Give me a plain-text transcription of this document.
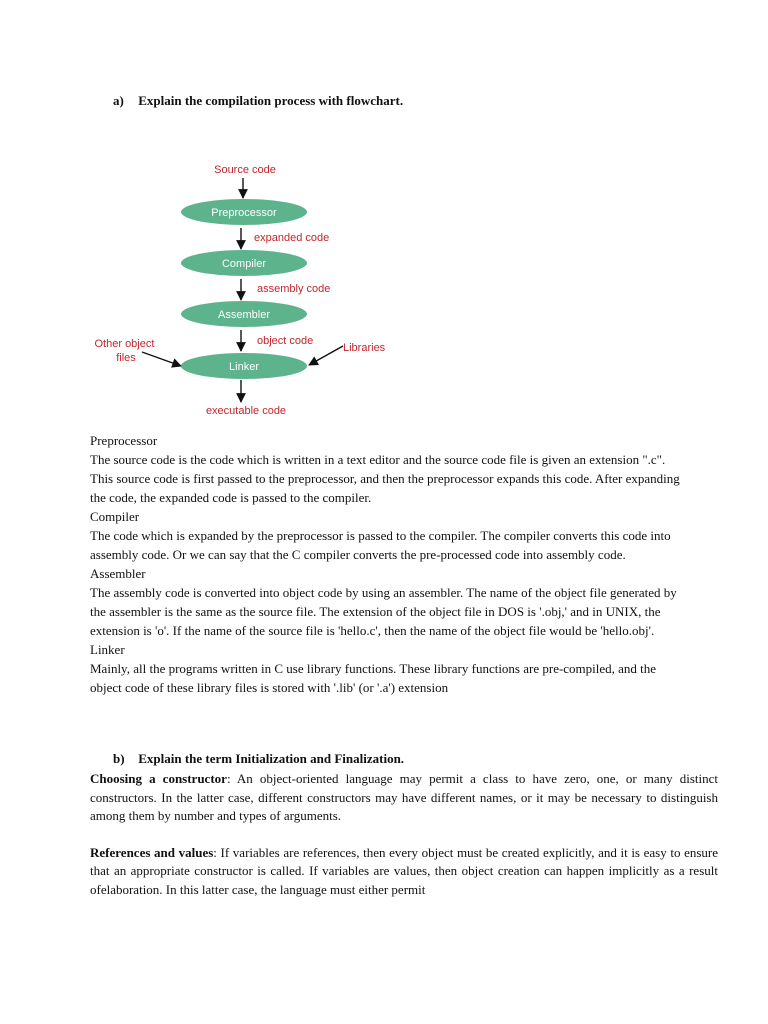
a) Explain the compilation process with flowchart.
Source code
Preprocessor
expanded code
Compiler
assembly code
Assembler
object code
Linker
Other object files
Libraries
executable code

Preprocessor

The source code is the code which is written in a text editor and the source code file is given an extension ".c". This source code is first passed to the preprocessor, and then the preprocessor expands this code. After expanding the code, the expanded code is passed to the compiler.

Compiler

The code which is expanded by the preprocessor is passed to the compiler. The compiler converts this code into assembly code. Or we can say that the C compiler converts the pre-processed code into assembly code.

Assembler

The assembly code is converted into object code by using an assembler. The name of the object file generated by the assembler is the same as the source file. The extension of the object file in DOS is '.obj,' and in UNIX, the extension is 'o'. If the name of the source file is 'hello.c', then the name of the object file would be 'hello.obj'.

Linker

Mainly, all the programs written in C use library functions. These library functions are pre-compiled, and the object code of these library files is stored with '.lib' (or '.a') extension

b) Explain the term Initialization and Finalization.

Choosing a constructor: An object-oriented language may permit a class to have zero, one, or many distinct constructors. In the latter case, different constructors may have different names, or it may be necessary to distinguish among them by number and types of arguments.

References and values: If variables are references, then every object must be created explicitly, and it is easy to ensure that an appropriate constructor is called. If variables are values, then object creation can happen implicitly as a result ofelaboration. In this latter case, the language must either permit
